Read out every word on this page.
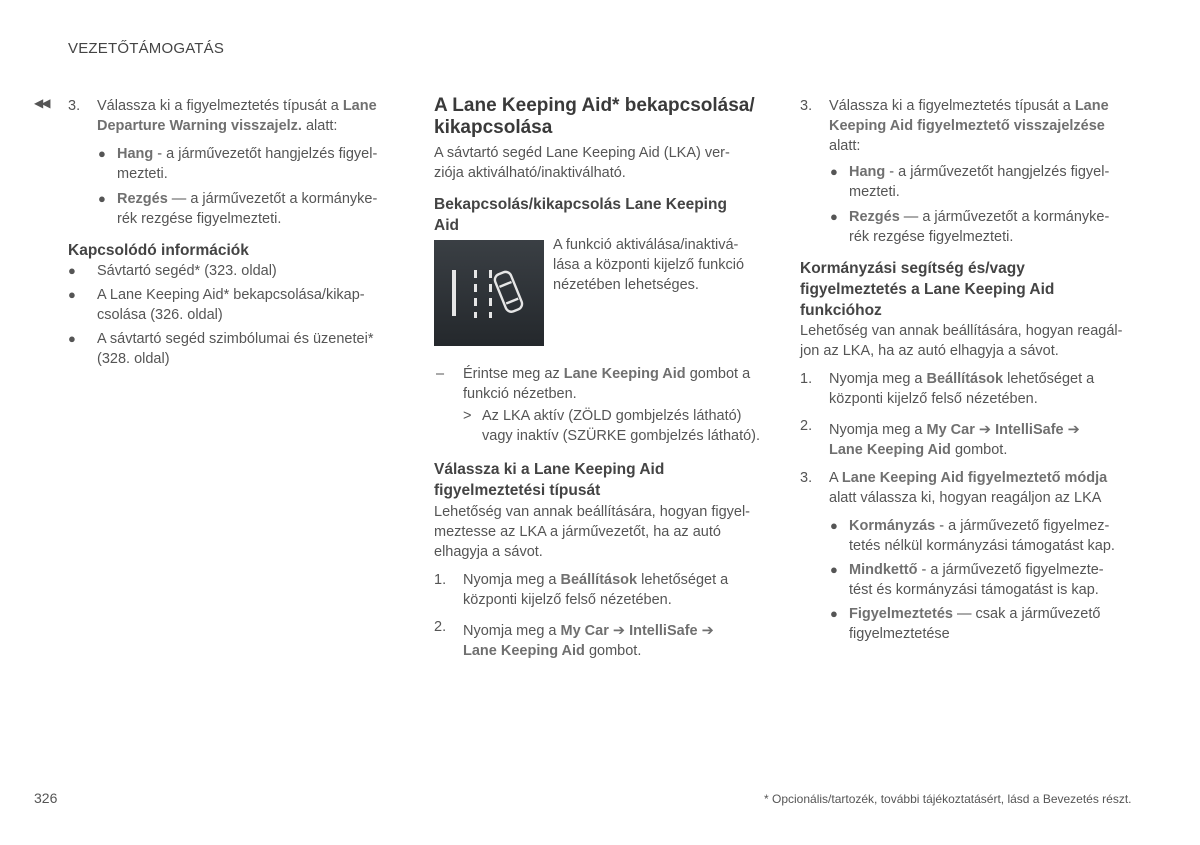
VEZETŐTÁMOGATÁS
◀◀ 3. Válassza ki a figyelmeztetés típusát a Lane
Departure Warning visszajelz. alatt:
● Hang - a járművezetőt hangjelzés figyel-
mezteti.
● Rezgés — a járművezetőt a kormányke-
rék rezgése figyelmezteti.
Kapcsolódó információk
● Sávtartó segéd* (323. oldal)
● A Lane Keeping Aid* bekapcsolása/kikap-
csolása (326. oldal)
● A sávtartó segéd szimbólumai és üzenetei*
(328. oldal)
A Lane Keeping Aid* bekapcsolása/
kikapcsolása
A sávtartó segéd Lane Keeping Aid (LKA) ver-
ziója aktiválható/inaktiválható.
Bekapcsolás/kikapcsolás Lane Keeping
Aid
A funkció aktiválása/inaktivá-
lása a központi kijelző funkció
nézetében lehetséges.
– Érintse meg az Lane Keeping Aid gombot a
funkció nézetben.
> Az LKA aktív (ZÖLD gombjelzés látható)
vagy inaktív (SZÜRKE gombjelzés látható).
Válassza ki a Lane Keeping Aid
figyelmeztetési típusát
Lehetőség van annak beállítására, hogyan figyel-
meztesse az LKA a járművezetőt, ha az autó
elhagyja a sávot.
1. Nyomja meg a Beállítások lehetőséget a
központi kijelző felső nézetében.
2. Nyomja meg a My Car ➔ IntelliSafe ➔
Lane Keeping Aid gombot.
3. Válassza ki a figyelmeztetés típusát a Lane
Keeping Aid figyelmeztető visszajelzése
alatt:
● Hang - a járművezetőt hangjelzés figyel-
mezteti.
● Rezgés — a járművezetőt a kormányke-
rék rezgése figyelmezteti.
Kormányzási segítség és/vagy
figyelmeztetés a Lane Keeping Aid
funkcióhoz
Lehetőség van annak beállítására, hogyan reagál-
jon az LKA, ha az autó elhagyja a sávot.
1. Nyomja meg a Beállítások lehetőséget a
központi kijelző felső nézetében.
2. Nyomja meg a My Car ➔ IntelliSafe ➔
Lane Keeping Aid gombot.
3. A Lane Keeping Aid figyelmeztető módja
alatt válassza ki, hogyan reagáljon az LKA
● Kormányzás - a járművezető figyelmez-
tetés nélkül kormányzási támogatást kap.
● Mindkettő - a járművezető figyelmezte-
tést és kormányzási támogatást is kap.
● Figyelmeztetés — csak a járművezető
figyelmeztetése
326	* Opcionális/tartozék, további tájékoztatásért, lásd a Bevezetés részt.
